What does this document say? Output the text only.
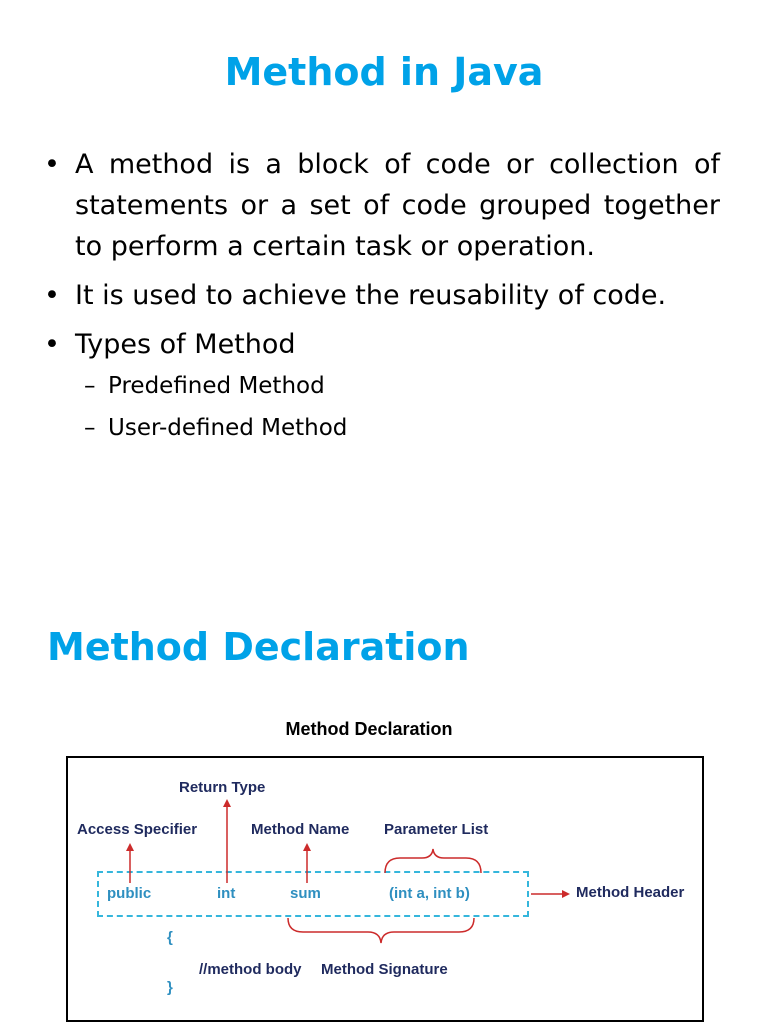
Method in Java
• A method is a block of code or collection of statements or a set of code grouped together to perform a certain task or operation.
• It is used to achieve the reusability of code.
• Types of Method
– Predefined Method
– User-defined Method
Method Declaration
Method Declaration
Return Type
Access Specifier	Method Name Parameter List
Method Header
Method Signature
public	int	sum	(int a, int b)
{
//method body
}
